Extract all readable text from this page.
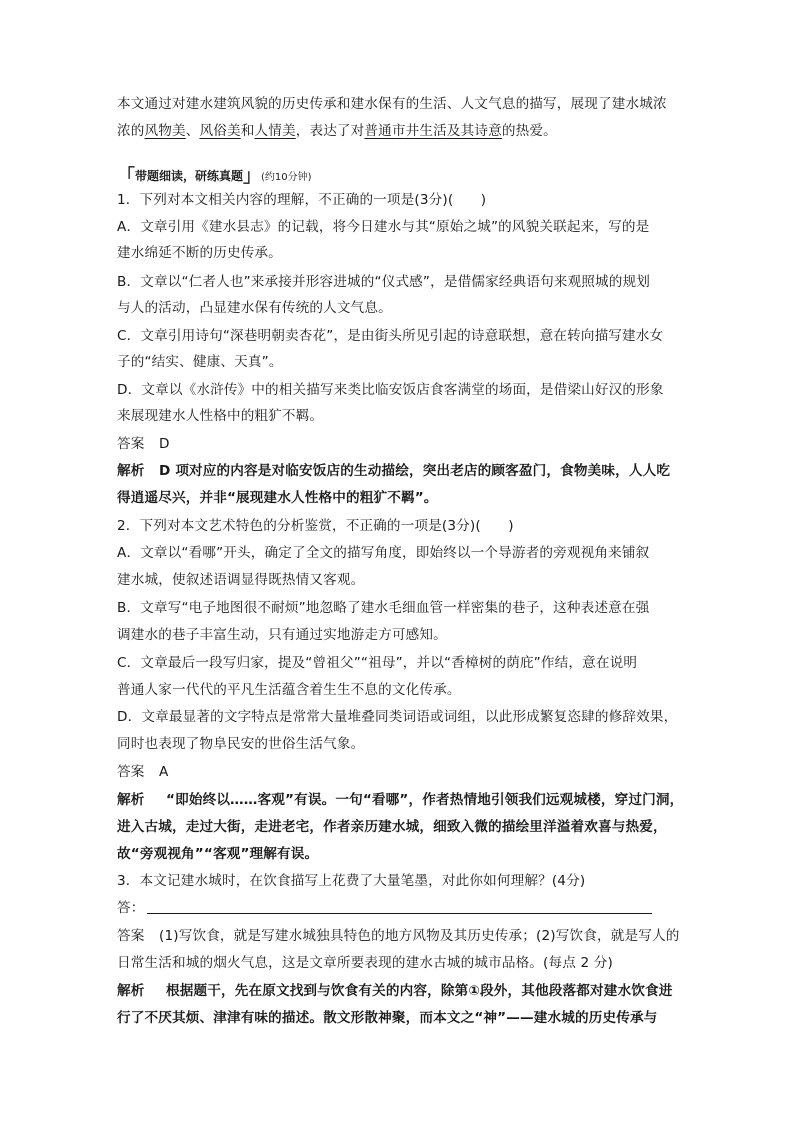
本文通过对建水建筑风貌的历史传承和建水保有的生活、人文气息的描写，展现了建水城浓
浓的风物美、风俗美和人情美，表达了对普通市井生活及其诗意的热爱。
「带题细读，研练真题」(约10分钟)
1．下列对本文相关内容的理解，不正确的一项是(3分)(　　)
A．文章引用《建水县志》的记载，将今日建水与其“原始之城”的风貌关联起来，写的是
建水绵延不断的历史传承。
B．文章以“仁者人也”来承接并形容进城的“仪式感”，是借儒家经典语句来观照城的规划
与人的活动，凸显建水保有传统的人文气息。
C．文章引用诗句“深巷明朝卖杏花”，是由街头所见引起的诗意联想，意在转向描写建水女
子的“结实、健康、天真”。
D．文章以《水浒传》中的相关描写来类比临安饭店食客满堂的场面，是借梁山好汉的形象
来展现建水人性格中的粗犷不羁。
答案 D
解析 D 项对应的内容是对临安饭店的生动描绘，突出老店的顾客盈门，食物美味，人人吃
得逍遥尽兴，并非“展现建水人性格中的粗犷不羁”。
2．下列对本文艺术特色的分析鉴赏，不正确的一项是(3分)(　　)
A．文章以“看哪”开头，确定了全文的描写角度，即始终以一个导游者的旁观视角来铺叙
建水城，使叙述语调显得既热情又客观。
B．文章写“电子地图很不耐烦”地忽略了建水毛细血管一样密集的巷子，这种表述意在强
调建水的巷子丰富生动，只有通过实地游走方可感知。
C．文章最后一段写归家，提及“曾祖父”“祖母”，并以“香樟树的荫庇”作结，意在说明
普通人家一代代的平凡生活蕴含着生生不息的文化传承。
D．文章最显著的文字特点是常常大量堆叠同类词语或词组，以此形成繁复恣肆的修辞效果，
同时也表现了物阜民安的世俗生活气象。
答案 A
解析 “即始终以……客观”有误。一句“看哪”，作者热情地引领我们远观城楼，穿过门洞，
进入古城，走过大街，走进老宅，作者亲历建水城，细致入微的描绘里洋溢着欢喜与热爱，
故“旁观视角”“客观”理解有误。
3．本文记建水城时，在饮食描写上花费了大量笔墨，对此你如何理解？(4分)
答：
答案 (1)写饮食，就是写建水城独具特色的地方风物及其历史传承；(2)写饮食，就是写人的
日常生活和城的烟火气息，这是文章所要表现的建水古城的城市品格。(每点 2 分)
解析 根据题干，先在原文找到与饮食有关的内容，除第①段外，其他段落都对建水饮食进
行了不厌其烦、津津有味的描述。散文形散神聚，而本文之“神”——建水城的历史传承与
